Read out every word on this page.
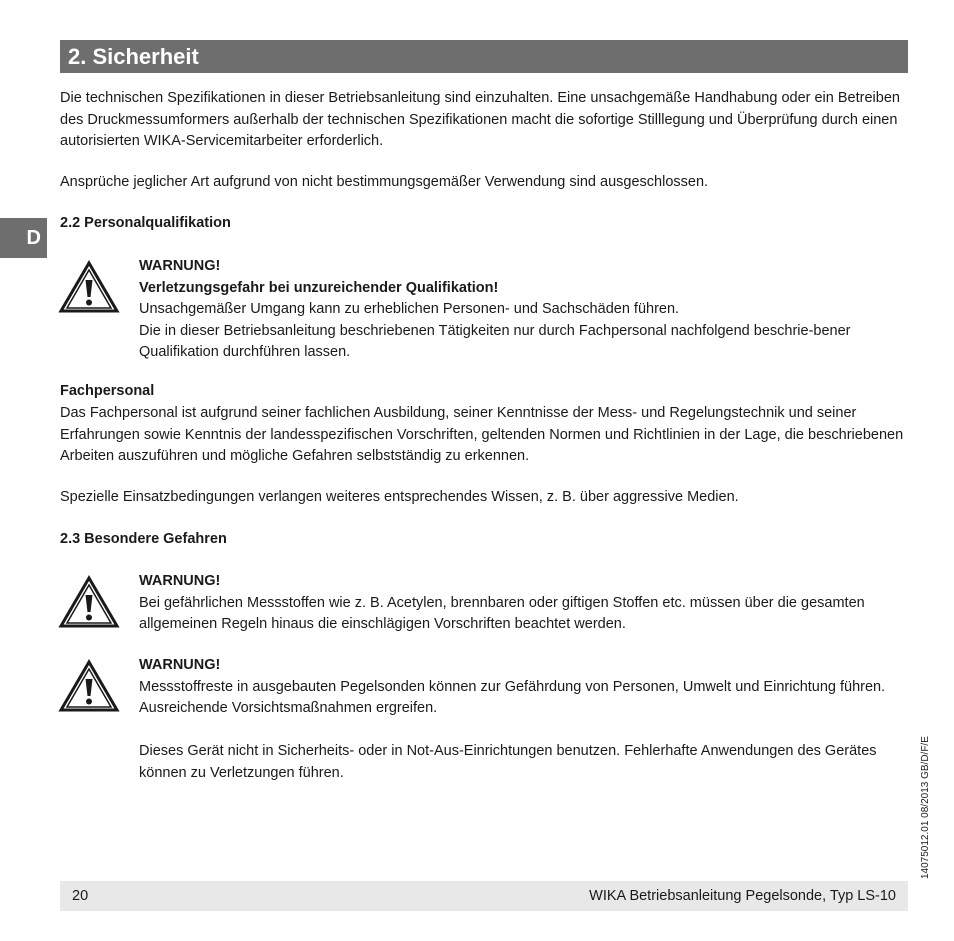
2. Sicherheit
D
Die technischen Spezifikationen in dieser Betriebsanleitung sind einzuhalten. Eine unsachgemäße Handhabung oder ein Betreiben des Druckmessumformers außerhalb der technischen Spezifikationen macht die sofortige Stilllegung und Überprüfung durch einen autorisierten WIKA-Servicemitarbeiter erforderlich.
Ansprüche jeglicher Art aufgrund von nicht bestimmungsgemäßer Verwendung sind ausgeschlossen.
2.2 Personalqualifikation
WARNUNG!
Verletzungsgefahr bei unzureichender Qualifikation!
Unsachgemäßer Umgang kann zu erheblichen Personen- und Sachschäden führen.
Die in dieser Betriebsanleitung beschriebenen Tätigkeiten nur durch Fachpersonal nachfolgend beschrie-bener Qualifikation durchführen lassen.
Fachpersonal
Das Fachpersonal ist aufgrund seiner fachlichen Ausbildung, seiner Kenntnisse der Mess- und Regelungstechnik und seiner Erfahrungen sowie Kenntnis der landesspezifischen Vorschriften, geltenden Normen und Richtlinien in der Lage, die beschriebenen Arbeiten auszuführen und mögliche Gefahren selbstständig zu erkennen.
Spezielle Einsatzbedingungen verlangen weiteres entsprechendes Wissen, z. B. über aggressive Medien.
2.3 Besondere Gefahren
WARNUNG!
Bei gefährlichen Messstoffen wie z. B. Acetylen, brennbaren oder giftigen Stoffen etc. müssen über die gesamten allgemeinen Regeln hinaus die einschlägigen Vorschriften beachtet werden.
WARNUNG!
Messstoffreste in ausgebauten Pegelsonden können zur Gefährdung von Personen, Umwelt und Einrichtung führen.
Ausreichende Vorsichtsmaßnahmen ergreifen.
Dieses Gerät nicht in Sicherheits- oder in Not-Aus-Einrichtungen benutzen. Fehlerhafte Anwendungen des Gerätes können zu Verletzungen führen.
20	WIKA Betriebsanleitung Pegelsonde, Typ LS-10
14075012.01 08/2013 GB/D/F/E
